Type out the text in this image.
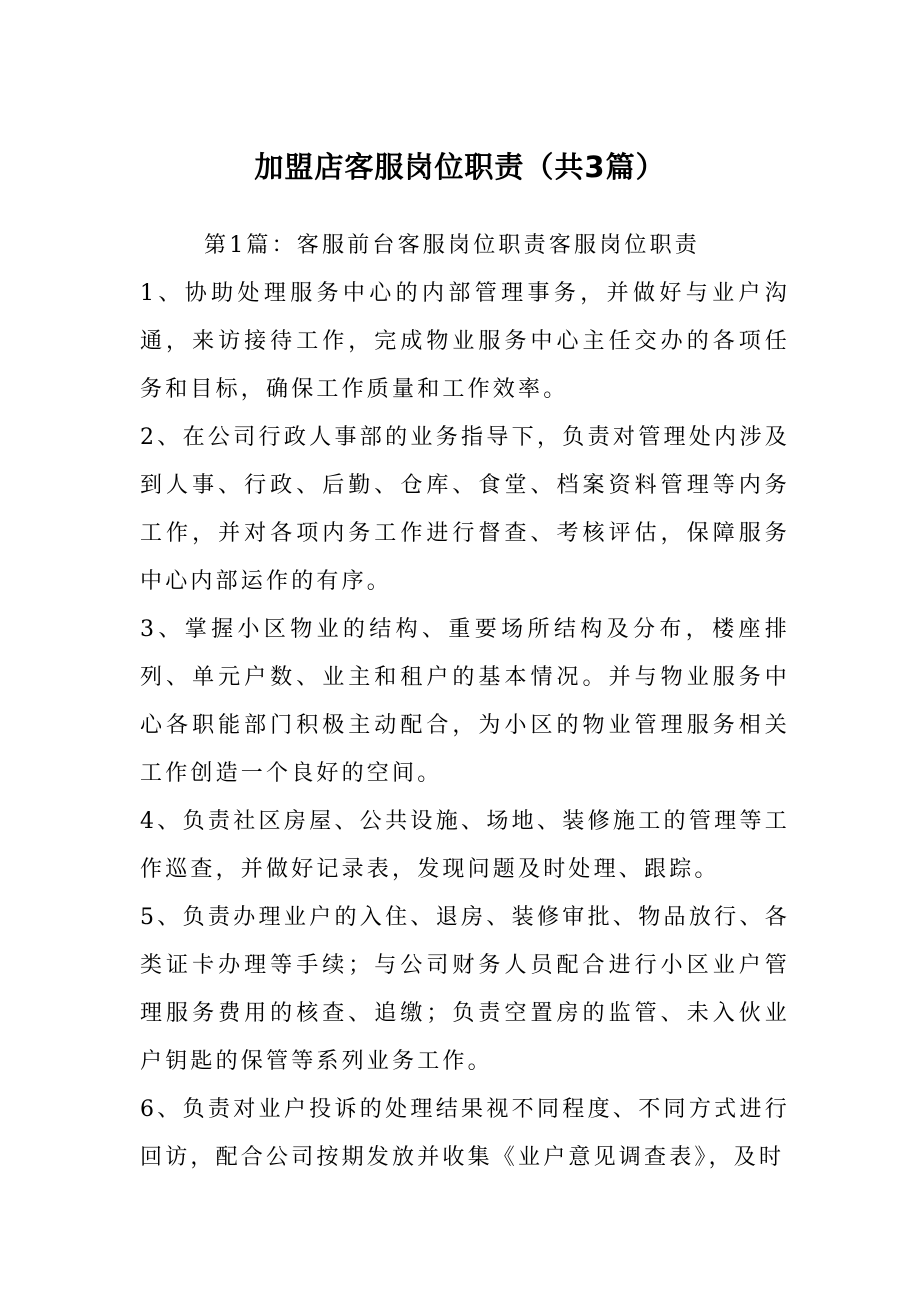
加盟店客服岗位职责（共3篇）

第1篇：客服前台客服岗位职责客服岗位职责

1、协助处理服务中心的内部管理事务，并做好与业户沟通，来访接待工作，完成物业服务中心主任交办的各项任务和目标，确保工作质量和工作效率。

2、在公司行政人事部的业务指导下，负责对管理处内涉及到人事、行政、后勤、仓库、食堂、档案资料管理等内务工作，并对各项内务工作进行督查、考核评估，保障服务中心内部运作的有序。

3、掌握小区物业的结构、重要场所结构及分布，楼座排列、单元户数、业主和租户的基本情况。并与物业服务中心各职能部门积极主动配合，为小区的物业管理服务相关工作创造一个良好的空间。

4、负责社区房屋、公共设施、场地、装修施工的管理等工作巡查，并做好记录表，发现问题及时处理、跟踪。

5、负责办理业户的入住、退房、装修审批、物品放行、各类证卡办理等手续；与公司财务人员配合进行小区业户管理服务费用的核查、追缴；负责空置房的监管、未入伙业户钥匙的保管等系列业务工作。

6、负责对业户投诉的处理结果视不同程度、不同方式进行回访，配合公司按期发放并收集《业户意见调查表》，及时
